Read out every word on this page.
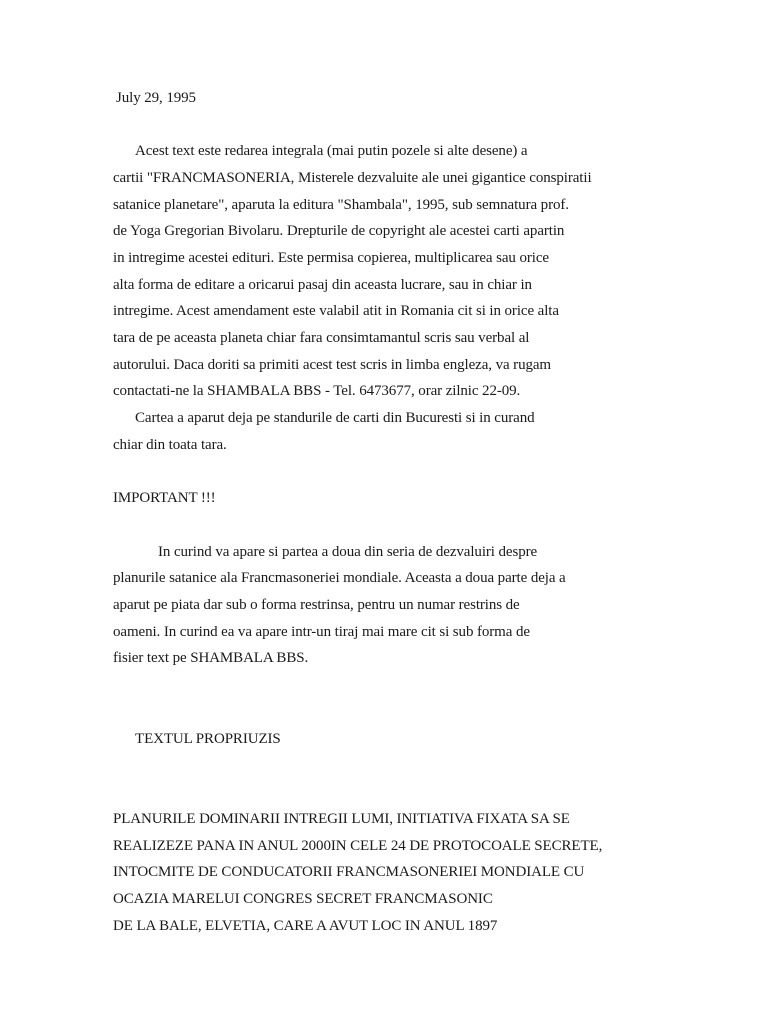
July 29, 1995
Acest text este redarea integrala (mai putin pozele si alte desene) a
cartii "FRANCMASONERIA, Misterele dezvaluite ale unei gigantice conspiratii
satanice planetare", aparuta la editura "Shambala", 1995, sub semnatura prof.
de Yoga Gregorian Bivolaru. Drepturile de copyright ale acestei carti apartin
in intregime acestei edituri. Este permisa copierea, multiplicarea sau orice
alta forma de editare a oricarui pasaj din aceasta lucrare, sau in chiar in
intregime. Acest amendament este valabil atit in Romania cit si in orice alta
tara de pe aceasta planeta chiar fara consimtamantul scris sau verbal al
autorului. Daca doriti sa primiti acest test scris in limba engleza, va rugam
contactati-ne la SHAMBALA BBS - Tel. 6473677, orar zilnic 22-09.
Cartea a aparut deja pe standurile de carti din Bucuresti si in curand
chiar din toata tara.
IMPORTANT !!!
In curind va apare si partea a doua din seria de dezvaluiri despre
planurile satanice ala Francmasoneriei mondiale. Aceasta a doua parte deja a
aparut pe piata dar sub o forma restrinsa, pentru un numar restrins de
oameni. In curind ea va apare intr-un tiraj mai mare cit si sub forma de
fisier text pe SHAMBALA BBS.
TEXTUL PROPRIUZIS
PLANURILE DOMINARII INTREGII LUMI, INITIATIVA FIXATA SA SE
REALIZEZE PANA IN ANUL 2000IN CELE 24 DE PROTOCOALE SECRETE,
INTOCMITE DE CONDUCATORII FRANCMASONERIEI MONDIALE CU
OCAZIA MARELUI CONGRES SECRET FRANCMASONIC
DE LA BALE, ELVETIA, CARE A AVUT LOC IN ANUL 1897
